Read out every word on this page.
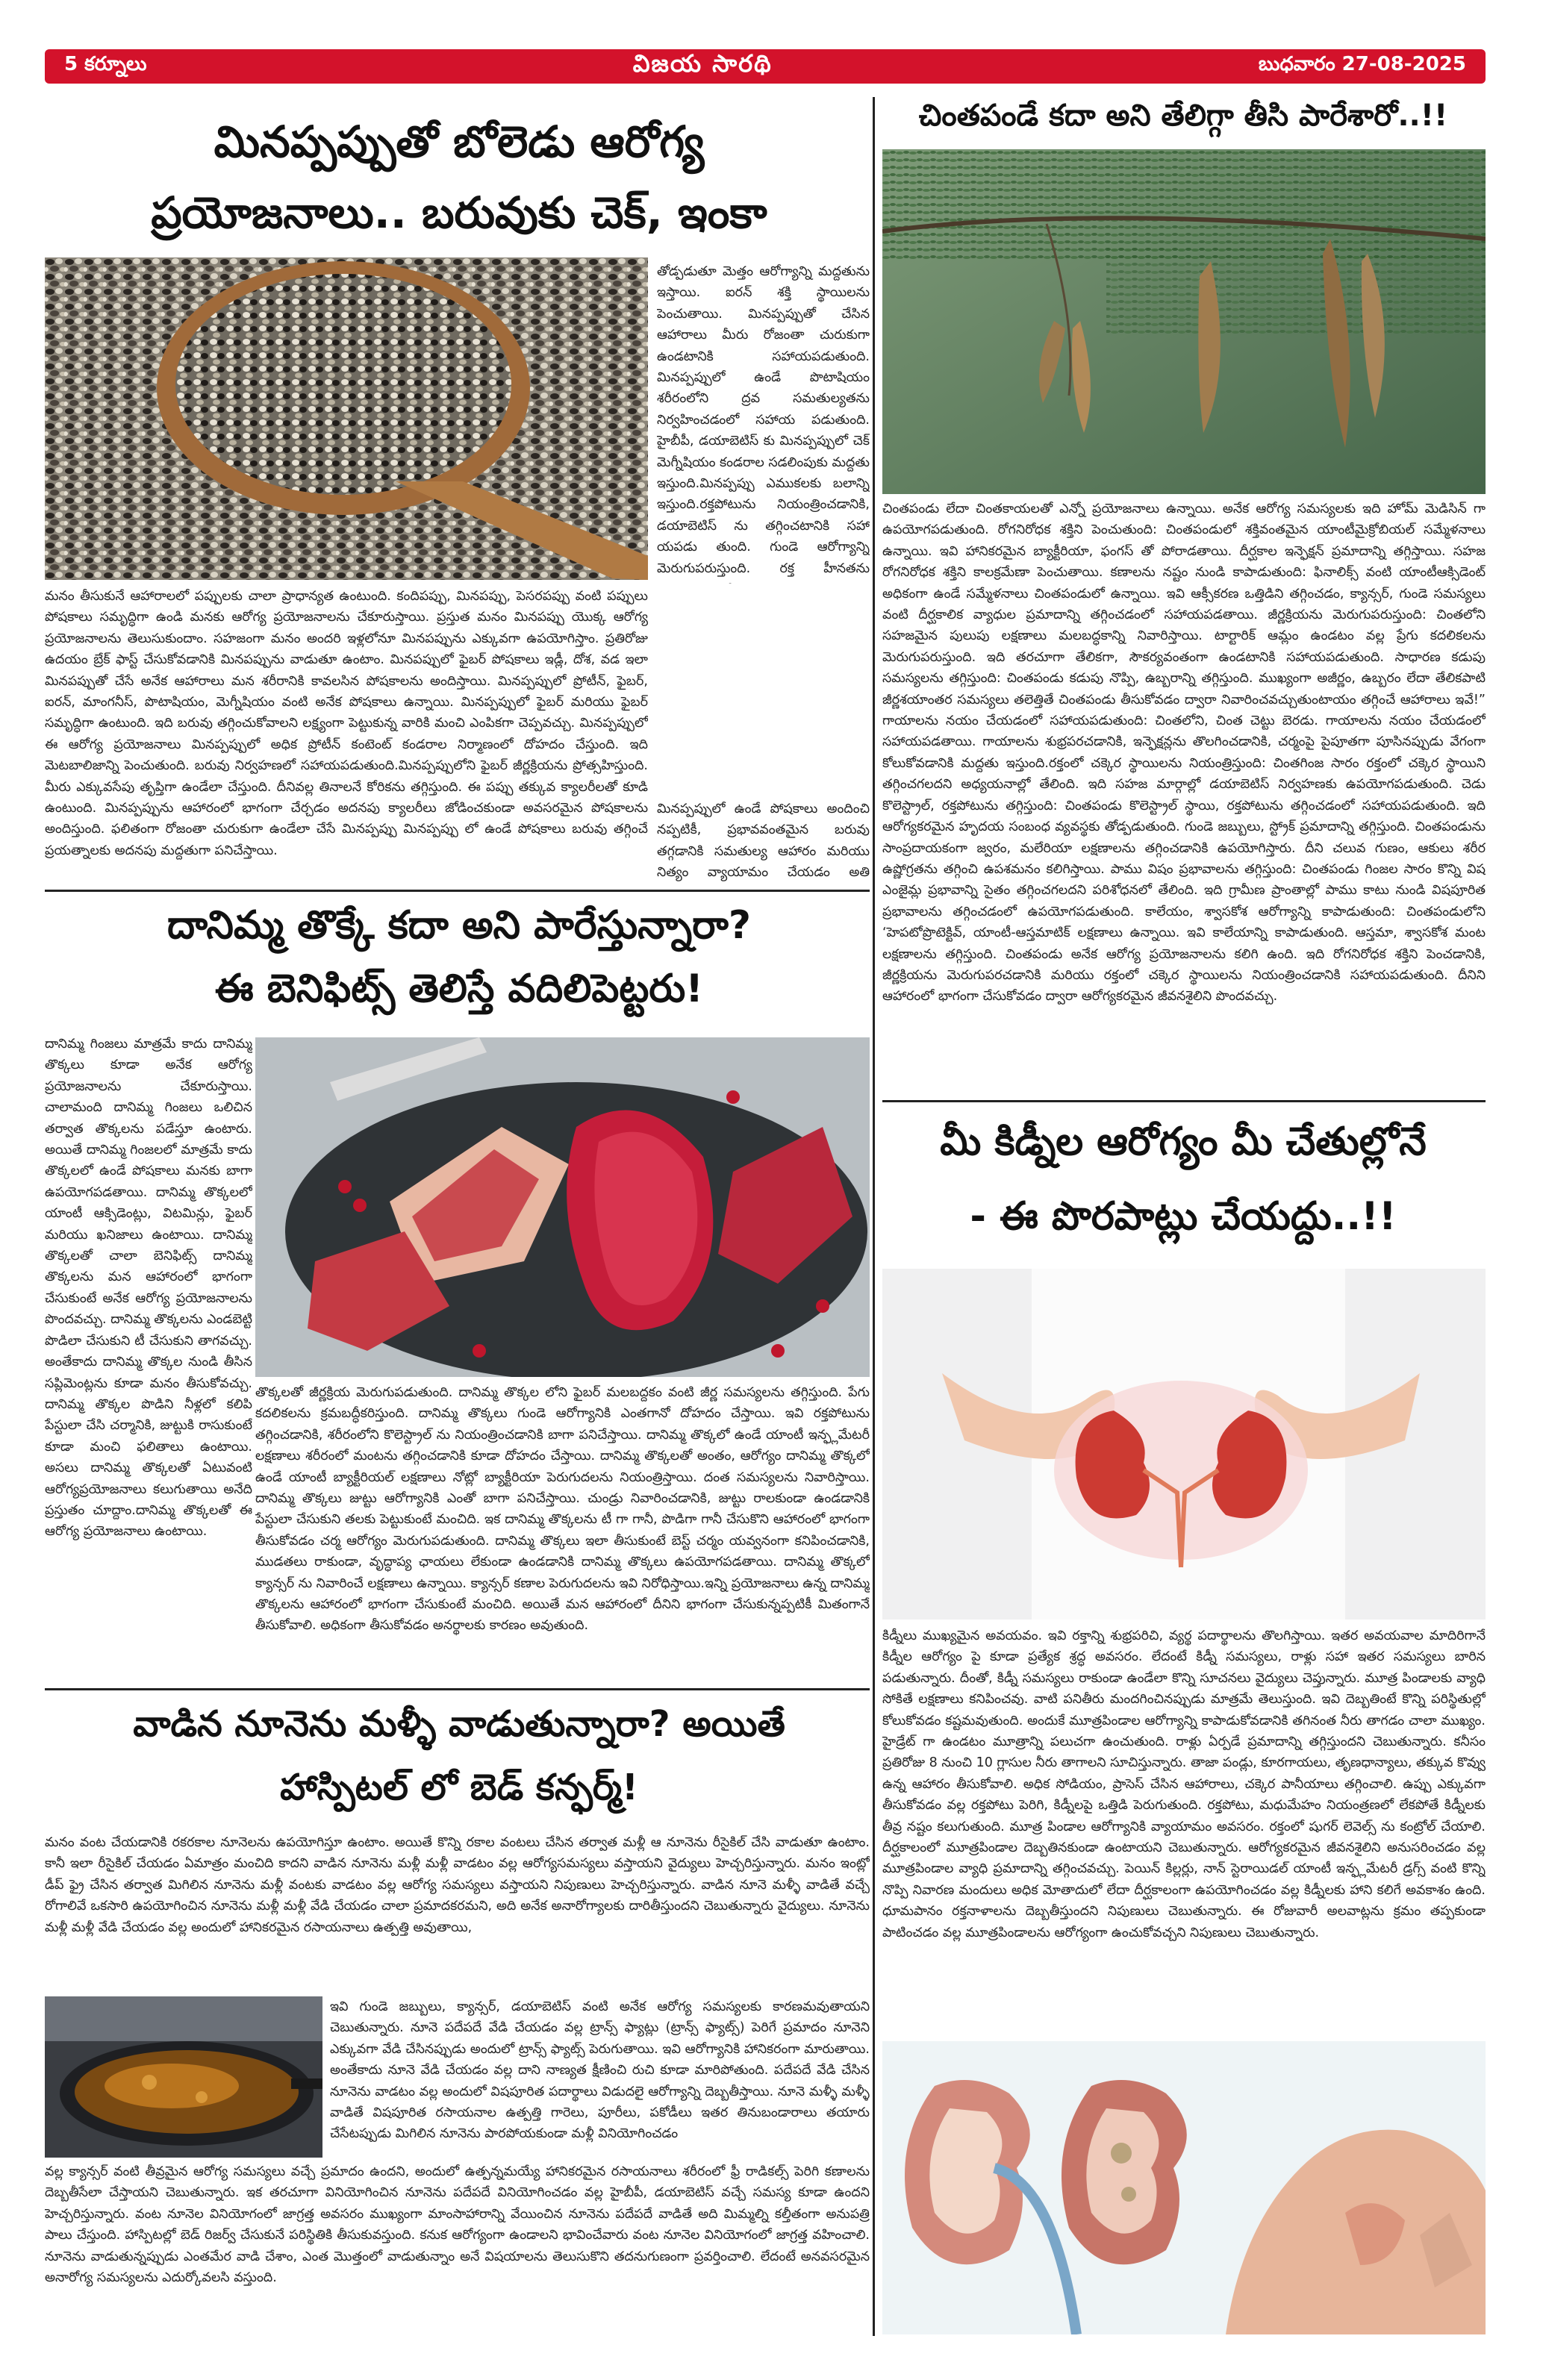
5 కర్నూలు	విజయ సారథి	బుధవారం 27-08-2025
మినప్పప్పుతో బోలెడు ఆరోగ్య
ప్రయోజనాలు.. బరువుకు చెక్, ఇంకా
తోడ్పడుతూ మెత్తం ఆరోగ్యాన్ని మద్దతును ఇస్తాయి. ఐరన్ శక్తి స్థాయిలను పెంచుతాయి. మినప్పప్పుతో చేసిన ఆహారాలు మీరు రోజంతా చురుకుగా ఉండటానికి సహాయపడుతుంది. మినప్పప్పులో ఉండే పొటాషియం శరీరంలోని ద్రవ సమతుల్యతను నిర్వహించడంలో సహాయ పడుతుంది. హైబీపీ, డయాబెటిస్ కు మినప్పప్పులో చెక్ మెగ్నీషియం కండరాల సడలింపుకు మద్దతు ఇస్తుంది.మినప్పప్పు ఎముకలకు బలాన్ని ఇస్తుంది.రక్తపోటును నియంత్రించడానికి, డయాబెటిస్ ను తగ్గించటానికి సహా యపడు తుంది. గుండె ఆరోగ్యాన్ని మెరుగుపరుస్తుంది. రక్త హీనతను
మనం తీసుకునే ఆహారాలలో పప్పులకు చాలా ప్రాధాన్యత ఉంటుంది. కందిపప్పు, మినపప్పు, పెసరపప్పు వంటి పప్పులు పోషకాలు సమృద్ధిగా ఉండి మనకు ఆరోగ్య ప్రయోజనాలను చేకూరుస్తాయి. ప్రస్తుత మనం మినపప్పు యొక్క ఆరోగ్య ప్రయోజనాలను తెలుసుకుందాం. సహజంగా మనం అందరి ఇళ్లలోనూ మినపప్పును ఎక్కువగా ఉపయోగిస్తాం. ప్రతిరోజు ఉదయం బ్రేక్ ఫాస్ట్ చేసుకోవడానికి మినపప్పును వాడుతూ ఉంటాం. మినపప్పులో ఫైబర్ పోషకాలు ఇడ్లీ, దోశ, వడ ఇలా మినపప్పుతో చేసే అనేక ఆహారాలు మన శరీరానికి కావలసిన పోషకాలను అందిస్తాయి. మినప్పప్పులో ప్రోటీన్, ఫైబర్, ఐరన్, మాంగనీస్, పొటాషియం, మెగ్నీషియం వంటి అనేక పోషకాలు ఉన్నాయి. మినప్పప్పులో ఫైబర్ మరియు ఫైబర్ సమృద్ధిగా ఉంటుంది. ఇది బరువు తగ్గించుకోవాలని లక్ష్యంగా పెట్టుకున్న వారికి మంచి ఎంపికగా చెప్పవచ్చు. మినప్పప్పులో ఈ ఆరోగ్య ప్రయోజనాలు మినప్పప్పులో అధిక ప్రోటీన్ కంటెంట్ కండరాల నిర్మాణంలో దోహదం చేస్తుంది. ఇది మెటబాలిజాన్ని పెంచుతుంది. బరువు నిర్వహణలో సహాయపడుతుంది.మినప్పప్పులోని ఫైబర్ జీర్ణక్రియను ప్రోత్సహిస్తుంది. మీరు ఎక్కువసేపు తృప్తిగా ఉండేలా చేస్తుంది. దీనివల్ల తినాలనే కోరికను తగ్గిస్తుంది. ఈ పప్పు తక్కువ క్యాలరీలతో కూడి ఉంటుంది. మినప్పప్పును ఆహారంలో భాగంగా చేర్చడం అదనపు క్యాలరీలు జోడించకుండా అవసరమైన పోషకాలను అందిస్తుంది. ఫలితంగా రోజంతా చురుకుగా ఉండేలా చేసే మినప్పప్పు మినప్పప్పు లో ఉండే పోషకాలు బరువు తగ్గించే ప్రయత్నాలకు అదనపు మద్దతుగా పనిచేస్తాయి.
మినప్పప్పులో ఉండే పోషకాలు అందించి నప్పటికీ, ప్రభావవంతమైన బరువు తగ్గడానికి సమతుల్య ఆహారం మరియు నిత్యం వ్యాయామం చేయడం అతి
దానిమ్మ తొక్కే కదా అని పారేస్తున్నారా?
ఈ బెనిఫిట్స్ తెలిస్తే వదిలిపెట్టరు!
దానిమ్మ గింజలు మాత్రమే కాదు దానిమ్మ తొక్కలు కూడా అనేక ఆరోగ్య ప్రయోజనాలను చేకూరుస్తాయి. చాలామంది దానిమ్మ గింజలు ఒలిచిన తర్వాత తొక్కలను పడేస్తూ ఉంటారు. అయితే దానిమ్మ గింజలలో మాత్రమే కాదు తొక్కలలో ఉండే పోషకాలు మనకు బాగా ఉపయోగపడతాయి. దానిమ్మ తొక్కలలో యాంటీ ఆక్సిడెంట్లు, విటమిన్లు, ఫైబర్ మరియు ఖనిజాలు ఉంటాయి. దానిమ్మ తొక్కలతో చాలా బెనిఫిట్స్ దానిమ్మ తొక్కలను మన ఆహారంలో భాగంగా చేసుకుంటే అనేక ఆరోగ్య ప్రయోజనాలను పొందవచ్చు. దానిమ్మ తొక్కలను ఎండబెట్టి పొడిలా చేసుకుని టీ చేసుకుని తాగవచ్చు. అంతేకాదు దానిమ్మ తొక్కల నుండి తీసిన సప్లిమెంట్లను కూడా మనం తీసుకోవచ్చు. దానిమ్మ తొక్కల పొడిని నీళ్లలో కలిపి పేస్టులా చేసి చర్మానికి, జుట్టుకి రాసుకుంటే కూడా మంచి ఫలితాలు ఉంటాయి. అసలు దానిమ్మ తొక్కలతో ఏటువంటి ఆరోగ్యప్రయోజనాలు కలుగుతాయి అనేది ప్రస్తుతం చూద్దాం.దానిమ్మ తొక్కలతో ఈ ఆరోగ్య ప్రయోజనాలు ఉంటాయి.
తొక్కలతో జీర్ణక్రియ మెరుగుపడుతుంది. దానిమ్మ తొక్కల లోని ఫైబర్ మలబద్దకం వంటి జీర్ణ సమస్యలను తగ్గిస్తుంది. పేగు కదలికలను క్రమబద్ధీకరిస్తుంది. దానిమ్మ తొక్కలు గుండె ఆరోగ్యానికి ఎంతగానో దోహదం చేస్తాయి. ఇవి రక్తపోటును తగ్గించడానికి, శరీరంలోని కొలెస్ట్రాల్ ను నియంత్రించడానికి బాగా పనిచేస్తాయి. దానిమ్మ తొక్కలో ఉండే యాంటీ ఇన్ఫ్లమేటరీ లక్షణాలు శరీరంలో మంటను తగ్గించడానికి కూడా దోహదం చేస్తాయి. దానిమ్మ తొక్కలతో అంతం, ఆరోగ్యం దానిమ్మ తొక్కలో ఉండే యాంటీ బ్యాక్టీరియల్ లక్షణాలు నోట్లో బ్యాక్టీరియా పెరుగుదలను నియంత్రిస్తాయి. దంత సమస్యలను నివారిస్తాయి. దానిమ్మ తొక్కలు జుట్టు ఆరోగ్యానికి ఎంతో బాగా పనిచేస్తాయి. చుండ్రు నివారించడానికి, జుట్టు రాలకుండా ఉండడానికి పేస్టులా చేసుకుని తలకు పెట్టుకుంటే మంచిది. ఇక దానిమ్మ తొక్కలను టీ గా గానీ, పొడిగా గానీ చేసుకొని ఆహారంలో భాగంగా తీసుకోవడం చర్మ ఆరోగ్యం మెరుగుపడుతుంది. దానిమ్మ తొక్కలు ఇలా తీసుకుంటే బెస్ట్ చర్మం యవ్వనంగా కనిపించడానికి, ముడతలు రాకుండా, వృద్ధాప్య ఛాయలు లేకుండా ఉండడానికి దానిమ్మ తొక్కలు ఉపయోగపడతాయి. దానిమ్మ తొక్కలో క్యాన్సర్ ను నివారించే లక్షణాలు ఉన్నాయి. క్యాన్సర్ కణాల పెరుగుదలను ఇవి నిరోధిస్తాయి.ఇన్ని ప్రయోజనాలు ఉన్న దానిమ్మ తొక్కలను ఆహారంలో భాగంగా చేసుకుంటే మంచిది. అయితే మన ఆహారంలో దీనిని భాగంగా చేసుకున్నప్పటికీ మితంగానే తీసుకోవాలి. అధికంగా తీసుకోవడం అనర్థాలకు కారణం అవుతుంది.
వాడిన నూనెను మళ్ళీ వాడుతున్నారా? అయితే
హాస్పిటల్ లో బెడ్ కన్ఫర్మ్!
మనం వంట చేయడానికి రకరకాల నూనెలను ఉపయోగిస్తూ ఉంటాం. అయితే కొన్ని రకాల వంటలు చేసిన తర్వాత మళ్లీ ఆ నూనెను రీసైకిల్ చేసి వాడుతూ ఉంటాం. కానీ ఇలా రీసైకిల్ చేయడం ఏమాత్రం మంచిది కాదని వాడిన నూనెను మళ్లీ మళ్లీ వాడటం వల్ల ఆరోగ్యసమస్యలు వస్తాయని వైద్యులు హెచ్చరిస్తున్నారు. మనం ఇంట్లో డీప్ ఫ్రై చేసిన తర్వాత మిగిలిన నూనెను మళ్లీ వంటకు వాడటం వల్ల ఆరోగ్య సమస్యలు వస్తాయని నిపుణులు హెచ్చరిస్తున్నారు. వాడిన నూనె మళ్ళీ వాడితే వచ్చే రోగాలివే ఒకసారి ఉపయోగించిన నూనెను మళ్లీ మళ్లీ వేడి చేయడం చాలా ప్రమాదకరమని, అది అనేక అనారోగ్యాలకు దారితీస్తుందని చెబుతున్నారు వైద్యులు. నూనెను మళ్లీ మళ్లీ వేడి చేయడం వల్ల అందులో హానికరమైన రసాయనాలు ఉత్పత్తి అవుతాయి,
ఇవి గుండె జబ్బులు, క్యాన్సర్, డయాబెటిస్ వంటి అనేక ఆరోగ్య సమస్యలకు కారణమవుతాయని చెబుతున్నారు. నూనె పదేపదే వేడి చేయడం వల్ల ట్రాన్స్ ఫ్యాట్లు (ట్రాన్స్ ఫ్యాట్స్) పెరిగే ప్రమాదం నూనెని ఎక్కువగా వేడి చేసినప్పుడు అందులో ట్రాన్స్ ఫ్యాట్స్ పెరుగుతాయి. ఇవి ఆరోగ్యానికి హానికరంగా మారుతాయి. అంతేకాదు నూనె వేడి చేయడం వల్ల దాని నాణ్యత క్షీణించి రుచి కూడా మారిపోతుంది. పదేపదే వేడి చేసిన నూనెను వాడటం వల్ల అందులో విషపూరిత పదార్థాలు విడుదలై ఆరోగ్యాన్ని దెబ్బతీస్తాయి. నూనె మళ్ళీ మళ్ళీ వాడితే విషపూరిత రసాయనాల ఉత్పత్తి గారెలు, పూరీలు, పకోడీలు ఇతర తినుబండారాలు తయారు చేసేటప్పుడు మిగిలిన నూనెను పారపోయకుండా మళ్లీ వినియోగించడం
వల్ల క్యాన్సర్ వంటి తీవ్రమైన ఆరోగ్య సమస్యలు వచ్చే ప్రమాదం ఉందని, అందులో ఉత్పన్నమయ్యే హానికరమైన రసాయనాలు శరీరంలో ఫ్రీ రాడికల్స్ పెరిగి కణాలను దెబ్బతీసేలా చేస్తాయని చెబుతున్నారు. ఇక తరచూగా వినియోగించిన నూనెను పదేపదే వినియోగించడం వల్ల హైబీపీ, డయాబెటిస్ వచ్చే సమస్య కూడా ఉందని హెచ్చరిస్తున్నారు. వంట నూనెల వినియోగంలో జాగ్రత్త అవసరం ముఖ్యంగా మాంసాహారాన్ని వేయించిన నూనెను పదేపదే వాడితే అది మిమ్మల్ని కల్తీతంగా అనుపత్రి పాలు చేస్తుంది. హాస్పిటల్లో బెడ్ రిజర్వ్ చేసుకునే పరిస్థితికి తీసుకువస్తుంది. కనుక ఆరోగ్యంగా ఉండాలని భావించేవారు వంట నూనెల వినియోగంలో జాగ్రత్త వహించాలి. నూనెను వాడుతున్నప్పుడు ఎంతమేర వాడి చేశాం, ఎంత మొత్తంలో వాడుతున్నాం అనే విషయాలను తెలుసుకొని తదనుగుణంగా ప్రవర్తించాలి. లేదంటే అనవసరమైన అనారోగ్య సమస్యలను ఎదుర్కోవలసి వస్తుంది.
చింతపండే కదా అని తేలిగ్గా తీసి పారేశారో..!!
చింతపండు లేదా చింతకాయలతో ఎన్నో ప్రయోజనాలు ఉన్నాయి. అనేక ఆరోగ్య సమస్యలకు ఇది హోమ్ మెడిసిన్ గా ఉపయోగపడుతుంది. రోగనిరోధక శక్తిని పెంచుతుంది: చింతపండులో శక్తివంతమైన యాంటీమైక్రోబియల్ సమ్మేళనాలు ఉన్నాయి. ఇవి హానికరమైన బ్యాక్టీరియా, ఫంగస్ తో పోరాడతాయి. దీర్ఘకాల ఇన్ఫెక్షన్ ప్రమాదాన్ని తగ్గిస్తాయి. సహజ రోగనిరోధక శక్తిని కాలక్రమేణా పెంచుతాయి. కణాలను నష్టం నుండి కాపాడుతుంది: ఫినాలిక్స్ వంటి యాంటీఆక్సిడెంట్ అధికంగా ఉండే సమ్మేళనాలు చింతపండులో ఉన్నాయి. ఇవి ఆక్సీకరణ ఒత్తిడిని తగ్గించడం, క్యాన్సర్, గుండె సమస్యలు వంటి దీర్ఘకాలిక వ్యాధుల ప్రమాదాన్ని తగ్గించడంలో సహాయపడతాయి. జీర్ణక్రియను మెరుగుపరుస్తుంది: చింతలోని సహజమైన పులుపు లక్షణాలు మలబద్ధకాన్ని నివారిస్తాయి. టార్టారిక్ ఆమ్లం ఉండటం వల్ల ప్రేగు కదలికలను మెరుగుపరుస్తుంది. ఇది తరచూగా తేలికగా, సౌకర్యవంతంగా ఉండటానికి సహాయపడుతుంది. సాధారణ కడుపు సమస్యలను తగ్గిస్తుంది: చింతపండు కడుపు నొప్పి, ఉబ్బరాన్ని తగ్గిస్తుంది. ముఖ్యంగా అజీర్ణం, ఉబ్బరం లేదా తేలికపాటి జీర్ణశయాంతర సమస్యలు తలెత్తితే చింతపండు తీసుకోవడం ద్వారా నివారించవచ్చుతుంటాయం తగ్గించే ఆహారాలు ఇవే!” గాయాలను నయం చేయడంలో సహాయపడుతుంది: చింతలోని, చింత చెట్టు బెరడు. గాయాలను నయం చేయడంలో సహాయపడతాయి. గాయాలను శుభ్రపరచడానికి, ఇన్ఫెక్షన్లను తొలగించడానికి, చర్మంపై పైపూతగా పూసినప్పుడు వేగంగా కోలుకోవడానికి మద్దతు ఇస్తుంది.రక్తంలో చక్కెర స్థాయిలను నియంత్రిస్తుంది: చింతగింజ సారం రక్తంలో చక్కెర స్థాయిని తగ్గించగలదని అధ్యయనాల్లో తేలింది. ఇది సహజ మార్గాల్లో డయాబెటిస్ నిర్వహణకు ఉపయోగపడుతుంది. చెడు కొలెస్ట్రాల్, రక్తపోటును తగ్గిస్తుంది: చింతపండు కొలెస్ట్రాల్ స్థాయి, రక్తపోటును తగ్గించడంలో సహాయపడుతుంది. ఇది ఆరోగ్యకరమైన హృదయ సంబంధ వ్యవస్థకు తోడ్పడుతుంది. గుండె జబ్బులు, స్ట్రోక్ ప్రమాదాన్ని తగ్గిస్తుంది. చింతపండును సాంప్రదాయకంగా జ్వరం, మలేరియా లక్షణాలను తగ్గించడానికి ఉపయోగిస్తారు. దీని చలువ గుణం, ఆకులు శరీర ఉష్ణోగ్రతను తగ్గించి ఉపశమనం కలిగిస్తాయి. పాము విషం ప్రభావాలను తగ్గిస్తుంది: చింతపండు గింజల సారం కొన్ని విష ఎంజైమ్ల ప్రభావాన్ని సైతం తగ్గించగలదని పరిశోధనలో తేలింది. ఇది గ్రామీణ ప్రాంతాల్లో పాము కాటు నుండి విషపూరిత ప్రభావాలను తగ్గించడంలో ఉపయోగపడుతుంది. కాలేయం, శ్వాసకోశ ఆరోగ్యాన్ని కాపాడుతుంది: చింతపండులోని ‘హెపటోప్రొటెక్టివ్, యాంటీ-ఆస్తమాటిక్ లక్షణాలు ఉన్నాయి. ఇవి కాలేయాన్ని కాపాడుతుంది. ఆస్తమా, శ్వాసకోశ మంట లక్షణాలను తగ్గిస్తుంది. చింతపండు అనేక ఆరోగ్య ప్రయోజనాలను కలిగి ఉంది. ఇది రోగనిరోధక శక్తిని పెంచడానికి, జీర్ణక్రియను మెరుగుపరచడానికి మరియు రక్తంలో చక్కెర స్థాయిలను నియంత్రించడానికి సహాయపడుతుంది. దీనిని ఆహారంలో భాగంగా చేసుకోవడం ద్వారా ఆరోగ్యకరమైన జీవనశైలిని పొందవచ్చు.
మీ కిడ్నీల ఆరోగ్యం మీ చేతుల్లోనే
- ఈ పొరపాట్లు చేయద్దు..!!
కిడ్నీలు ముఖ్యమైన అవయవం. ఇవి రక్తాన్ని శుభ్రపరిచి, వ్యర్థ పదార్థాలను తొలగిస్తాయి. ఇతర అవయవాల మాదిరిగానే కిడ్నీల ఆరోగ్యం పై కూడా ప్రత్యేక శ్రద్ధ అవసరం. లేదంటే కిడ్నీ సమస్యలు, రాళ్లు సహా ఇతర సమస్యలు బారిన పడుతున్నారు. దీంతో, కిడ్నీ సమస్యలు రాకుండా ఉండేలా కొన్ని సూచనలు వైద్యులు చెప్తున్నారు. మూత్ర పిండాలకు వ్యాధి సోకితే లక్షణాలు కనిపించవు. వాటి పనితీరు మందగించినప్పుడు మాత్రమే తెలుస్తుంది. ఇవి దెబ్బతింటే కొన్ని పరిస్థితుల్లో కోలుకోవడం కష్టమవుతుంది. అందుకే మూత్రపిండాల ఆరోగ్యాన్ని కాపాడుకోవడానికి తగినంత నీరు తాగడం చాలా ముఖ్యం. హైడ్రేట్ గా ఉండటం మూత్రాన్ని పలుచగా ఉంచుతుంది. రాళ్లు ఏర్పడే ప్రమాదాన్ని తగ్గిస్తుందని చెబుతున్నారు. కనీసం ప్రతిరోజు 8 నుంచి 10 గ్లాసుల నీరు తాగాలని సూచిస్తున్నారు. తాజా పండ్లు, కూరగాయలు, తృణధాన్యాలు, తక్కువ కొవ్వు ఉన్న ఆహారం తీసుకోవాలి. అధిక సోడియం, ప్రాసెస్ చేసిన ఆహారాలు, చక్కెర పానీయాలు తగ్గించాలి. ఉప్పు ఎక్కువగా తీసుకోవడం వల్ల రక్తపోటు పెరిగి, కిడ్నీలపై ఒత్తిడి పెరుగుతుంది. రక్తపోటు, మధుమేహం నియంత్రణలో లేకపోతే కిడ్నీలకు తీవ్ర నష్టం కలుగుతుంది. మూత్ర పిండాల ఆరోగ్యానికి వ్యాయామం అవసరం. రక్తంలో షుగర్ లెవెల్స్ ను కంట్రోల్ చేయాలి. దీర్ఘకాలంలో మూత్రపిండాల దెబ్బతినకుండా ఉంటాయని చెబుతున్నారు. ఆరోగ్యకరమైన జీవనశైలిని అనుసరించడం వల్ల మూత్రపిండాల వ్యాధి ప్రమాదాన్ని తగ్గించవచ్చు. పెయిన్ కిల్లర్లు, నాన్ స్టెరాయిడల్ యాంటీ ఇన్ఫ్లమేటరీ డ్రగ్స్ వంటి కొన్ని నొప్పి నివారణ మందులు అధిక మోతాదులో లేదా దీర్ఘకాలంగా ఉపయోగించడం వల్ల కిడ్నీలకు హాని కలిగే అవకాశం ఉంది. ధూమపానం రక్తనాళాలను దెబ్బతీస్తుందని నిపుణులు చెబుతున్నారు. ఈ రోజువారీ అలవాట్లను క్రమం తప్పకుండా పాటించడం వల్ల మూత్రపిండాలను ఆరోగ్యంగా ఉంచుకోవచ్చని నిపుణులు చెబుతున్నారు.
